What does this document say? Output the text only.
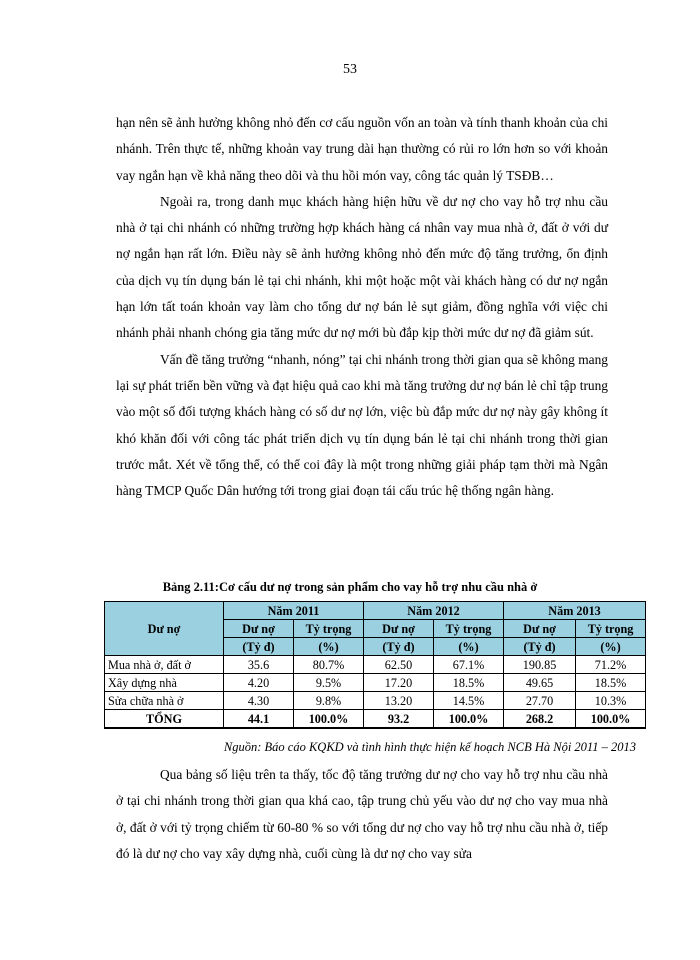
53

hạn nên sẽ ảnh hưởng không nhỏ đến cơ cấu nguồn vốn an toàn và tính thanh khoản của chi nhánh. Trên thực tế, những khoản vay trung dài hạn thường có rủi ro lớn hơn so với khoản vay ngắn hạn về khả năng theo dõi và thu hồi món vay, công tác quản lý TSĐB…

Ngoài ra, trong danh mục khách hàng hiện hữu về dư nợ cho vay hỗ trợ nhu cầu nhà ở tại chi nhánh có những trường hợp khách hàng cá nhân vay mua nhà ở, đất ở với dư nợ ngắn hạn rất lớn. Điều này sẽ ảnh hưởng không nhỏ đến mức độ tăng trưởng, ổn định của dịch vụ tín dụng bán lẻ tại chi nhánh, khi một hoặc một vài khách hàng có dư nợ ngắn hạn lớn tất toán khoản vay làm cho tổng dư nợ bán lẻ sụt giảm, đồng nghĩa với việc chi nhánh phải nhanh chóng gia tăng mức dư nợ mới bù đắp kịp thời mức dư nợ đã giảm sút.

Vấn đề tăng trưởng “nhanh, nóng” tại chi nhánh trong thời gian qua sẽ không mang lại sự phát triển bền vững và đạt hiệu quả cao khi mà tăng trưởng dư nợ bán lẻ chỉ tập trung vào một số đối tượng khách hàng có số dư nợ lớn, việc bù đắp mức dư nợ này gây không ít khó khăn đối với công tác phát triển dịch vụ tín dụng bán lẻ tại chi nhánh trong thời gian trước mắt. Xét về tổng thể, có thể coi đây là một trong những giải pháp tạm thời mà Ngân hàng TMCP Quốc Dân hướng tới trong giai đoạn tái cấu trúc hệ thống ngân hàng.

Bảng 2.11:Cơ cấu dư nợ trong sản phẩm cho vay hỗ trợ nhu cầu nhà ở
Dư nợ	Năm 2011		Năm 2012		Năm 2013	
	Dư nợ	Tỷ trọng	Dư nợ	Tỷ trọng	Dư nợ	Tỷ trọng
	(Tỷ đ)	(%)	(Tỷ đ)	(%)	(Tỷ đ)	(%)
Mua nhà ở, đất ở	35.6	80.7%	62.50	67.1%	190.85	71.2%
Xây dựng nhà	4.20	9.5%	17.20	18.5%	49.65	18.5%
Sửa chữa nhà ở	4.30	9.8%	13.20	14.5%	27.70	10.3%
TỔNG	44.1	100.0%	93.2	100.0%	268.2	100.0%
Nguồn: Báo cáo KQKD và tình hình thực hiện kế hoạch NCB Hà Nội 2011 – 2013

Qua bảng số liệu trên ta thấy, tốc độ tăng trưởng dư nợ cho vay hỗ trợ nhu cầu nhà ở tại chi nhánh trong thời gian qua khá cao, tập trung chủ yếu vào dư nợ cho vay mua nhà ở, đất ở với tỷ trọng chiếm từ 60-80 % so với tổng dư nợ cho vay hỗ trợ nhu cầu nhà ở, tiếp đó là dư nợ cho vay xây dựng nhà, cuối cùng là dư nợ cho vay sửa
